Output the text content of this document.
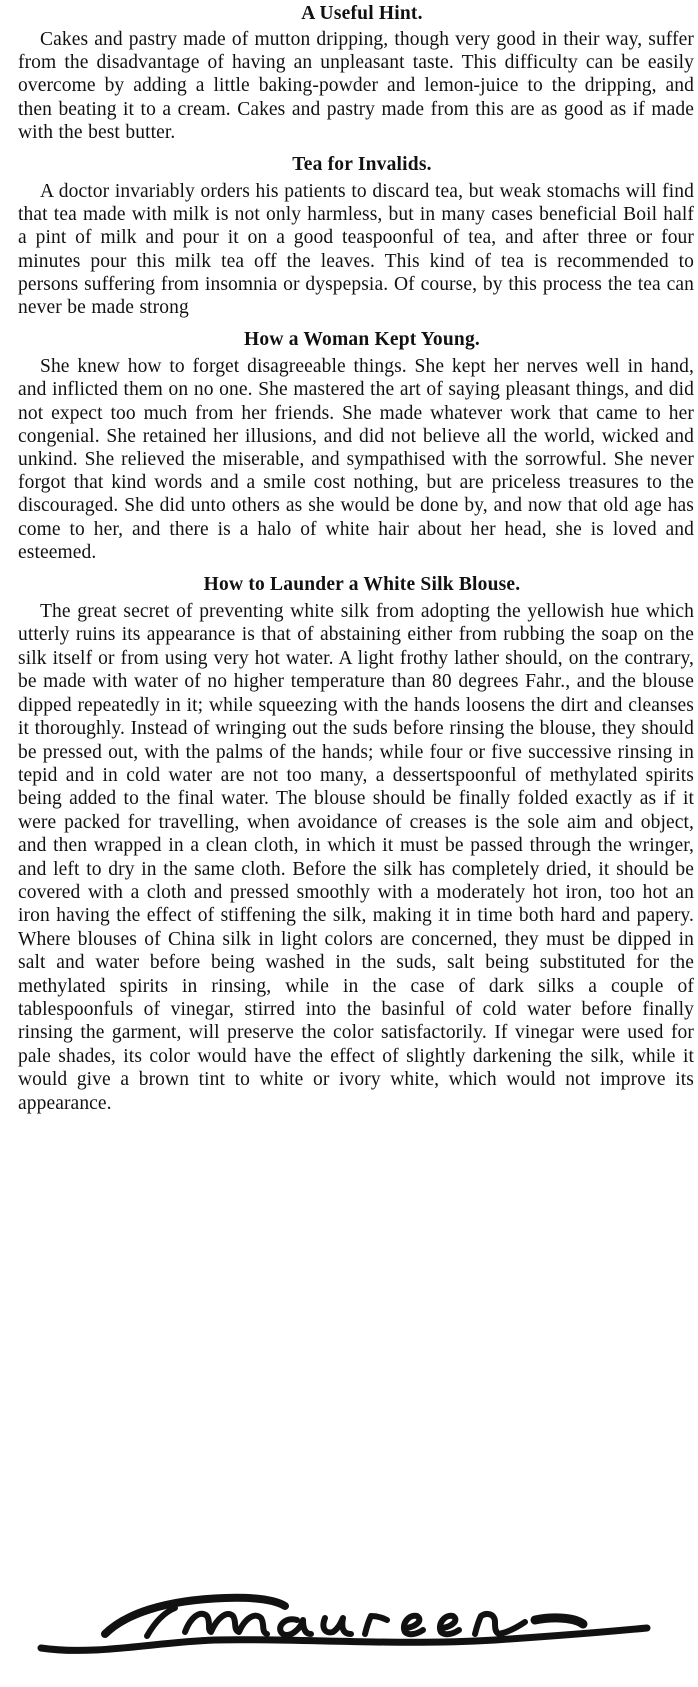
A Useful Hint.

Cakes and pastry made of mutton dripping, though very good in their way, suffer from the disadvantage of having an unpleasant taste. This difficulty can be easily overcome by adding a little baking-powder and lemon-juice to the dripping, and then beating it to a cream. Cakes and pastry made from this are as good as if made with the best butter.

Tea for Invalids.

A doctor invariably orders his patients to discard tea, but weak stomachs will find that tea made with milk is not only harmless, but in many cases beneficial Boil half a pint of milk and pour it on a good teaspoonful of tea, and after three or four minutes pour this milk tea off the leaves. This kind of tea is recommended to persons suffering from insomnia or dyspepsia. Of course, by this process the tea can never be made strong

How a Woman Kept Young.

She knew how to forget disagreeable things. She kept her nerves well in hand, and inflicted them on no one. She mastered the art of saying pleasant things, and did not expect too much from her friends. She made whatever work that came to her congenial. She retained her illusions, and did not believe all the world, wicked and unkind. She relieved the miserable, and sympathised with the sorrowful. She never forgot that kind words and a smile cost nothing, but are priceless treasures to the discouraged. She did unto others as she would be done by, and now that old age has come to her, and there is a halo of white hair about her head, she is loved and esteemed.

How to Launder a White Silk Blouse.

The great secret of preventing white silk from adopting the yellowish hue which utterly ruins its appearance is that of abstaining either from rubbing the soap on the silk itself or from using very hot water. A light frothy lather should, on the contrary, be made with water of no higher temperature than 80 degrees Fahr., and the blouse dipped repeatedly in it; while squeezing with the hands loosens the dirt and cleanses it thoroughly. Instead of wringing out the suds before rinsing the blouse, they should be pressed out, with the palms of the hands; while four or five successive rinsing in tepid and in cold water are not too many, a dessertspoonful of methylated spirits being added to the final water. The blouse should be finally folded exactly as if it were packed for travelling, when avoidance of creases is the sole aim and object, and then wrapped in a clean cloth, in which it must be passed through the wringer, and left to dry in the same cloth. Before the silk has completely dried, it should be covered with a cloth and pressed smoothly with a moderately hot iron, too hot an iron having the effect of stiffening the silk, making it in time both hard and papery. Where blouses of China silk in light colors are concerned, they must be dipped in salt and water before being washed in the suds, salt being substituted for the methylated spirits in rinsing, while in the case of dark silks a couple of tablespoonfuls of vinegar, stirred into the basinful of cold water before finally rinsing the garment, will preserve the color satisfactorily. If vinegar were used for pale shades, its color would have the effect of slightly darkening the silk, while it would give a brown tint to white or ivory white, which would not improve its appearance.
